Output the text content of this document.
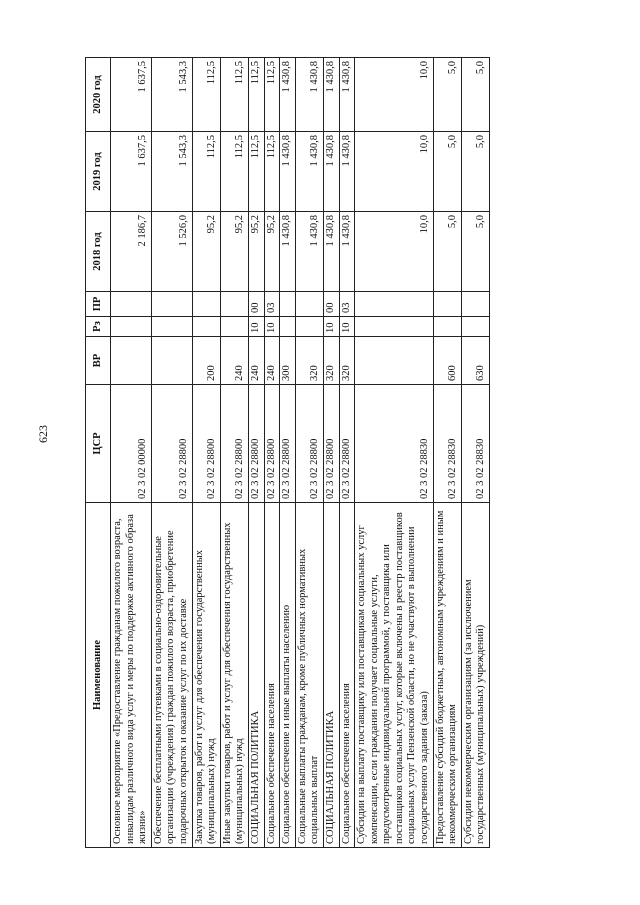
623
Наименование	ЦСР	ВР	Рз	ПР	2018 год	2019 год	2020 год
Основное мероприятие «Предоставление гражданам пожилого возраста, инвалидам различного вида услуг и меры по поддержке активного образа жизни»	02 3 02 00000				2 186,7	1 637,5	1 637,5
Обеспечение бесплатными путевками в социально-оздоровительные организации (учреждения) граждан пожилого возраста, приобретение подарочных открыток и оказание услуг по их доставке	02 3 02 28800				1 526,0	1 543,3	1 543,3
Закупка товаров, работ и услуг для обеспечения государственных (муниципальных) нужд	02 3 02 28800	200			95,2	112,5	112,5
Иные закупки товаров, работ и услуг для обеспечения государственных (муниципальных) нужд	02 3 02 28800	240			95,2	112,5	112,5
СОЦИАЛЬНАЯ ПОЛИТИКА	02 3 02 28800	240	10	00	95,2	112,5	112,5
Социальное обеспечение населения	02 3 02 28800	240	10	03	95,2	112,5	112,5
Социальное обеспечение и иные выплаты населению	02 3 02 28800	300			1 430,8	1 430,8	1 430,8
Социальные выплаты гражданам, кроме публичных нормативных социальных выплат	02 3 02 28800	320			1 430,8	1 430,8	1 430,8
СОЦИАЛЬНАЯ ПОЛИТИКА	02 3 02 28800	320	10	00	1 430,8	1 430,8	1 430,8
Социальное обеспечение населения	02 3 02 28800	320	10	03	1 430,8	1 430,8	1 430,8
Субсидии на выплату поставщику или поставщикам социальных услуг компенсации, если гражданин получает социальные услуги, предусмотренные индивидуальной программой, у поставщика или поставщиков социальных услуг, которые включены в реестр поставщиков социальных услуг Пензенской области, но не участвуют в выполнении государственного задания (заказа)	02 3 02 28830				10,0	10,0	10,0
Предоставление субсидий бюджетным, автономным учреждениям и иным некоммерческим организациям	02 3 02 28830	600			5,0	5,0	5,0
Субсидии некоммерческим организациям (за исключением государственных (муниципальных) учреждений)	02 3 02 28830	630			5,0	5,0	5,0
